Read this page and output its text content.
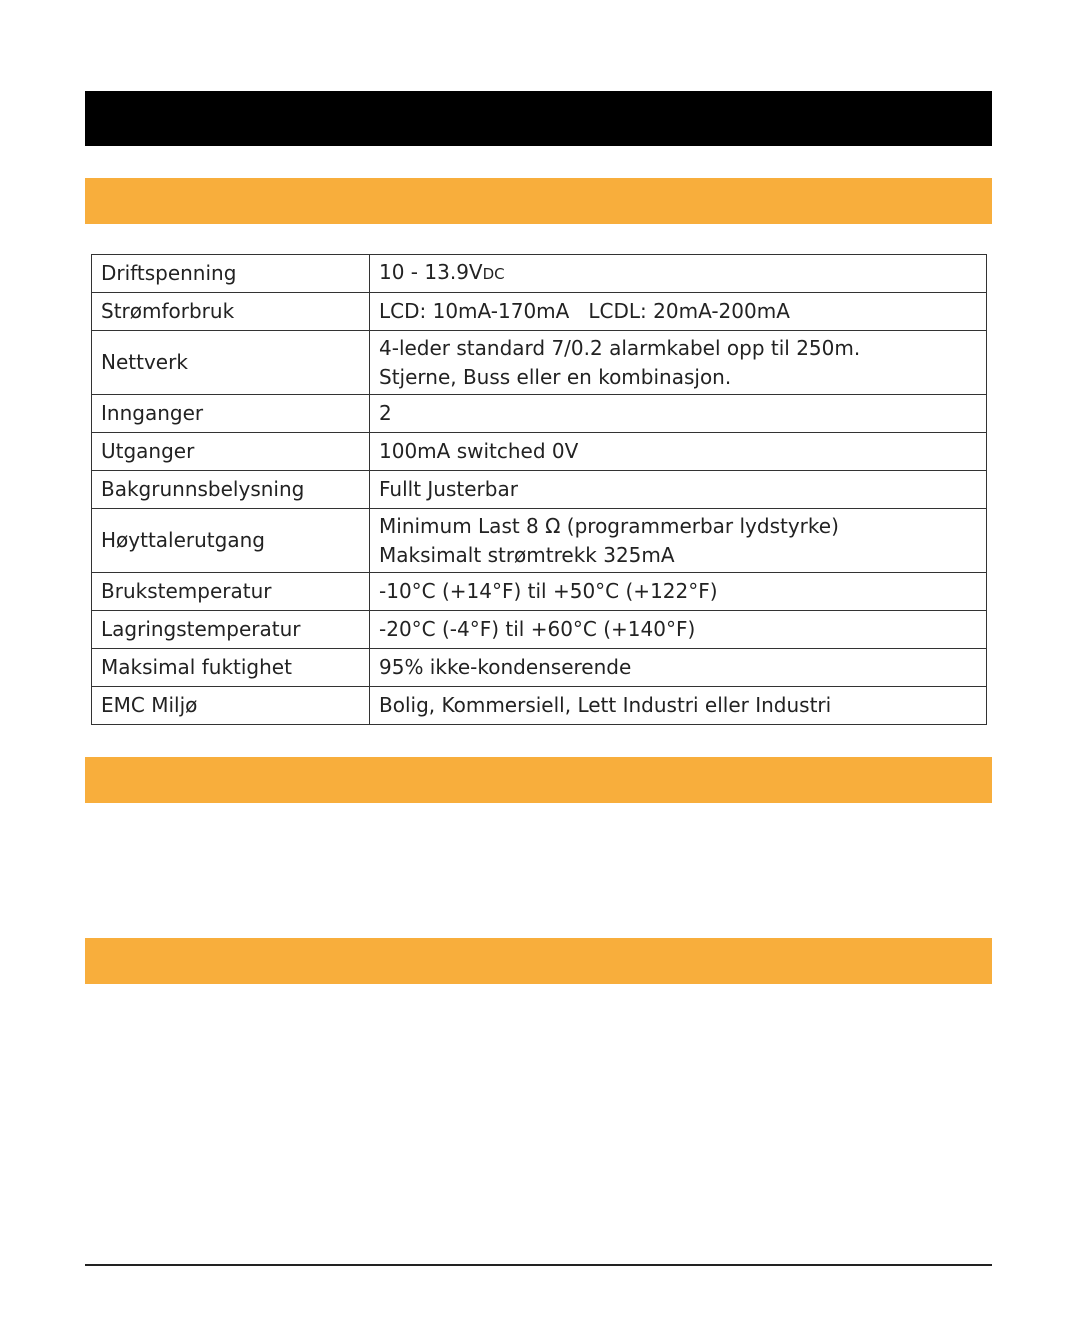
Driftspenning	10 - 13.9VDC
Strømforbruk	LCD: 10mA-170mA   LCDL: 20mA-200mA

Nettverk	4-leder standard 7/0.2 alarmkabel opp til 250m.
Stjerne, Buss eller en kombinasjon.

Innganger	2

Utganger	100mA switched 0V

Bakgrunnsbelysning	Fullt Justerbar

Høyttalerutgang	Minimum Last 8 Ω (programmerbar lydstyrke)
Maksimalt strømtrekk 325mA

Brukstemperatur	-10°C (+14°F) til +50°C (+122°F)

Lagringstemperatur	-20°C (-4°F) til +60°C (+140°F)

Maksimal fuktighet	95% ikke-kondenserende

EMC Miljø	Bolig, Kommersiell, Lett Industri eller Industri
